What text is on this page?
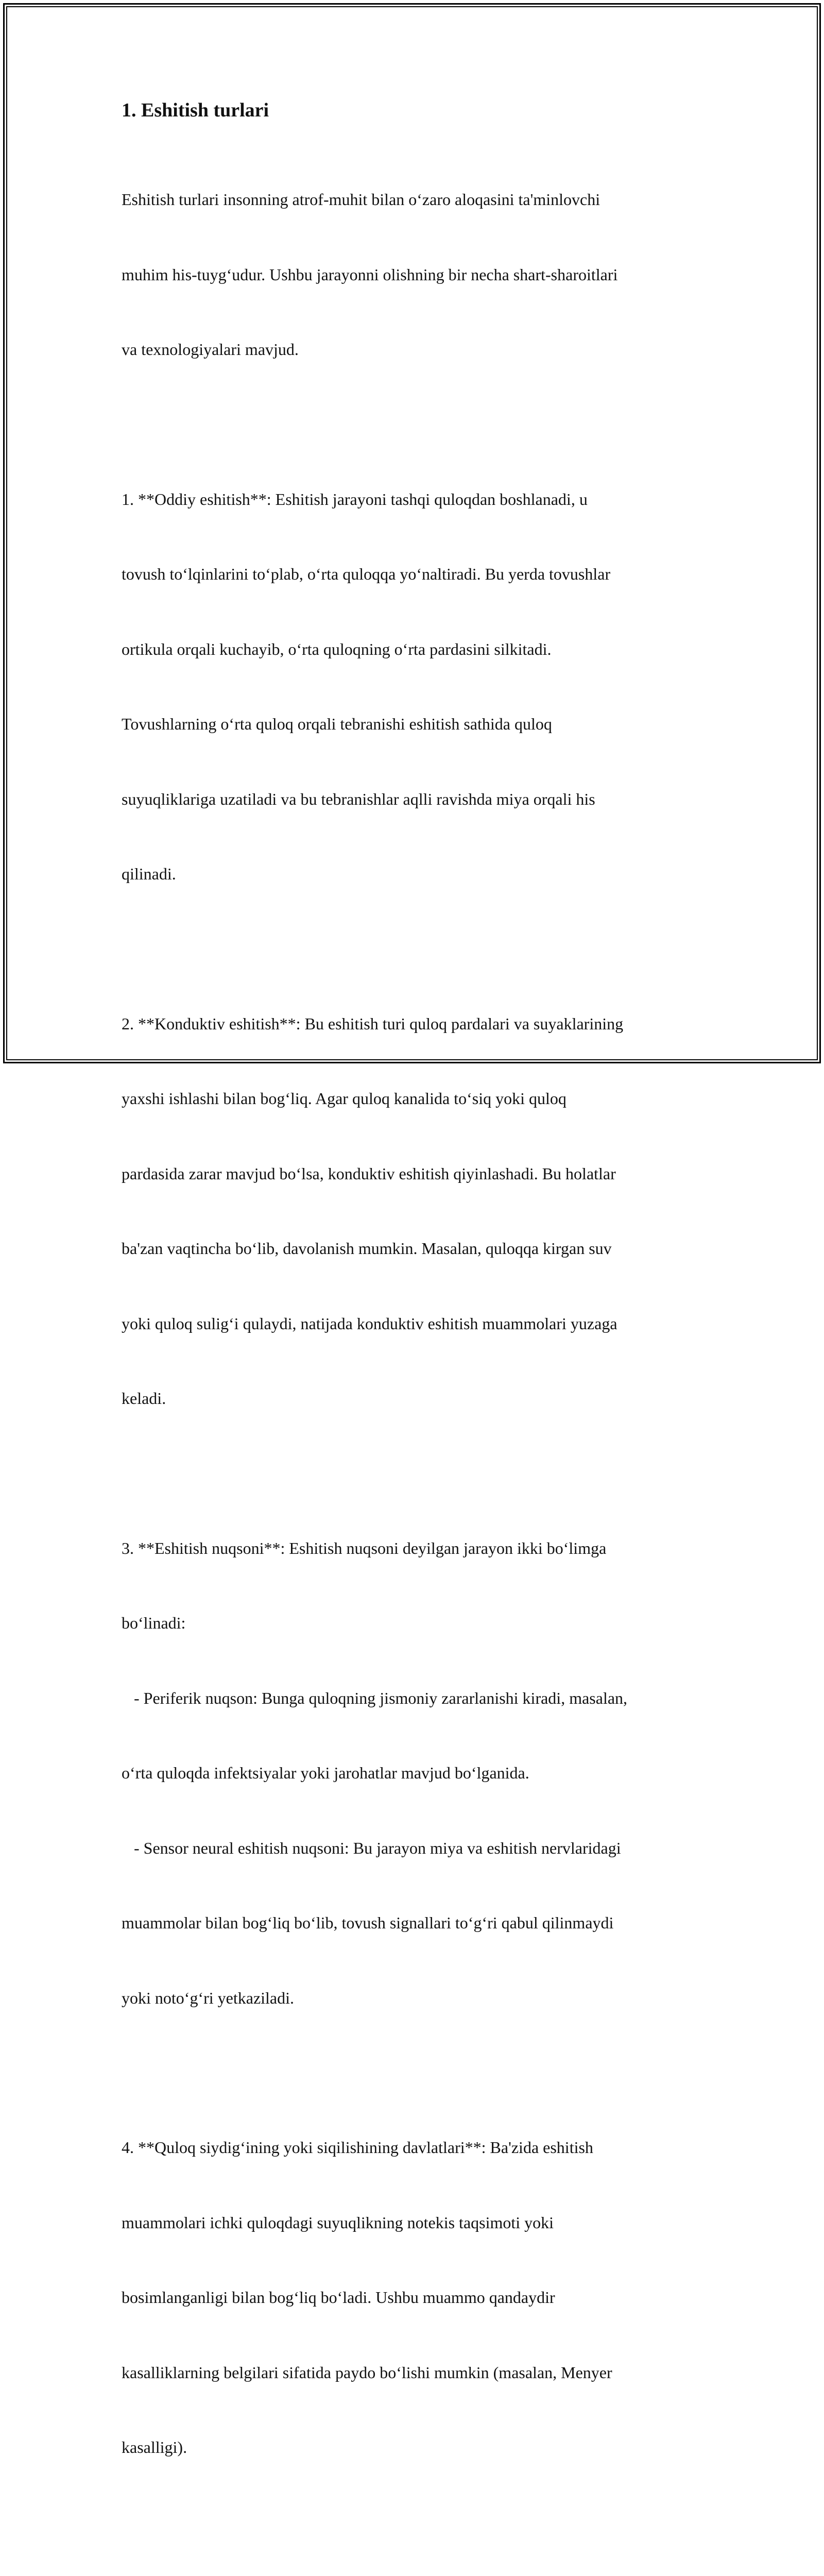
1. Eshitish turlari

Eshitish turlari insonning atrof-muhit bilan o‘zaro aloqasini ta'minlovchi

muhim his-tuyg‘udur. Ushbu jarayonni olishning bir necha shart-sharoitlari

va texnologiyalari mavjud.

1. **Oddiy eshitish**: Eshitish jarayoni tashqi quloqdan boshlanadi, u

tovush to‘lqinlarini to‘plab, o‘rta quloqqa yo‘naltiradi. Bu yerda tovushlar

ortikula orqali kuchayib, o‘rta quloqning o‘rta pardasini silkitadi.

Tovushlarning o‘rta quloq orqali tebranishi eshitish sathida quloq

suyuqliklariga uzatiladi va bu tebranishlar aqlli ravishda miya orqali his

qilinadi.

2. **Konduktiv eshitish**: Bu eshitish turi quloq pardalari va suyaklarining

yaxshi ishlashi bilan bog‘liq. Agar quloq kanalida to‘siq yoki quloq

pardasida zarar mavjud bo‘lsa, konduktiv eshitish qiyinlashadi. Bu holatlar

ba'zan vaqtincha bo‘lib, davolanish mumkin. Masalan, quloqqa kirgan suv

yoki quloq sulig‘i qulaydi, natijada konduktiv eshitish muammolari yuzaga

keladi.

3. **Eshitish nuqsoni**: Eshitish nuqsoni deyilgan jarayon ikki bo‘limga

bo‘linadi:

- Periferik nuqson: Bunga quloqning jismoniy zararlanishi kiradi, masalan,

o‘rta quloqda infektsiyalar yoki jarohatlar mavjud bo‘lganida.

- Sensor neural eshitish nuqsoni: Bu jarayon miya va eshitish nervlaridagi

muammolar bilan bog‘liq bo‘lib, tovush signallari to‘g‘ri qabul qilinmaydi

yoki noto‘g‘ri yetkaziladi.

4. **Quloq siydig‘ining yoki siqilishining davlatlari**: Ba'zida eshitish

muammolari ichki quloqdagi suyuqlikning notekis taqsimoti yoki

bosimlanganligi bilan bog‘liq bo‘ladi. Ushbu muammo qandaydir

kasalliklarning belgilari sifatida paydo bo‘lishi mumkin (masalan, Menyer

kasalligi).
